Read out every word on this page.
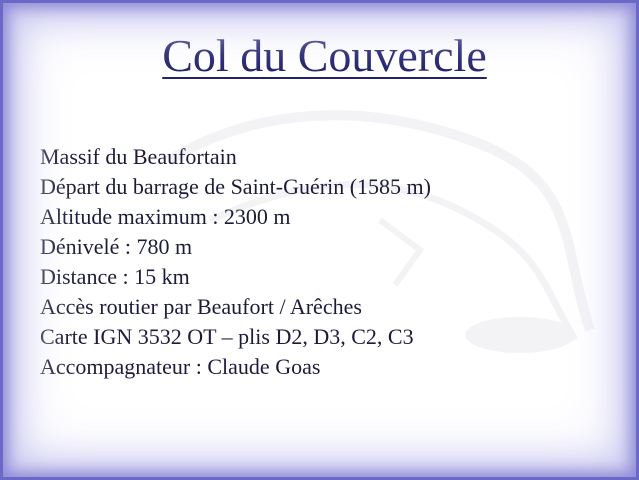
Col du Couvercle
Massif du Beaufortain
Départ du barrage de Saint-Guérin (1585 m)
Altitude maximum : 2300 m
Dénivelé : 780 m
Distance : 15 km
Accès routier par Beaufort / Arêches
Carte IGN 3532 OT – plis D2, D3, C2, C3
Accompagnateur : Claude Goas
